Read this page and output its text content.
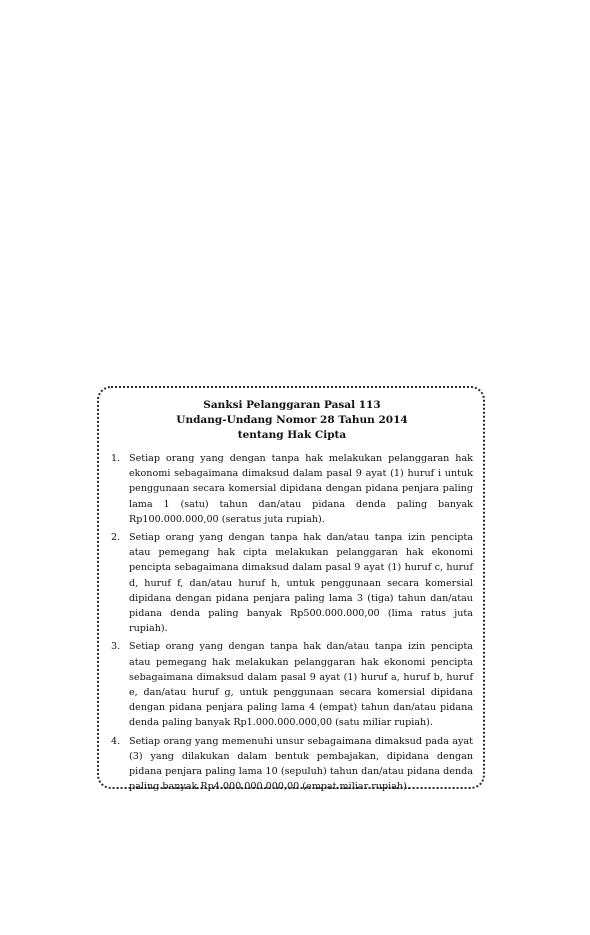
Sanksi Pelanggaran Pasal 113
Undang-Undang Nomor 28 Tahun 2014
tentang Hak Cipta
1. Setiap orang yang dengan tanpa hak melakukan pelanggaran hak ekonomi sebagaimana dimaksud dalam pasal 9 ayat (1) huruf i untuk penggunaan secara komersial dipidana dengan pidana penjara paling lama 1 (satu) tahun dan/atau pidana denda paling banyak Rp100.000.000,00 (seratus juta rupiah).
2. Setiap orang yang dengan tanpa hak dan/atau tanpa izin pencipta atau pemegang hak cipta melakukan pelanggaran hak ekonomi pencipta sebagaimana dimaksud dalam pasal 9 ayat (1) huruf c, huruf d, huruf f, dan/atau huruf h, untuk penggunaan secara komersial dipidana dengan pidana penjara paling lama 3 (tiga) tahun dan/atau pidana denda paling banyak Rp500.000.000,00 (lima ratus juta rupiah).
3. Setiap orang yang dengan tanpa hak dan/atau tanpa izin pencipta atau pemegang hak melakukan pelanggaran hak ekonomi pencipta sebagaimana dimaksud dalam pasal 9 ayat (1) huruf a, huruf b, huruf e, dan/atau huruf g, untuk penggunaan secara komersial dipidana dengan pidana penjara paling lama 4 (empat) tahun dan/atau pidana denda paling banyak Rp1.000.000.000,00 (satu miliar rupiah).
4. Setiap orang yang memenuhi unsur sebagaimana dimaksud pada ayat (3) yang dilakukan dalam bentuk pembajakan, dipidana dengan pidana penjara paling lama 10 (sepuluh) tahun dan/atau pidana denda paling banyak Rp4.000.000.000,00 (empat miliar rupiah).
